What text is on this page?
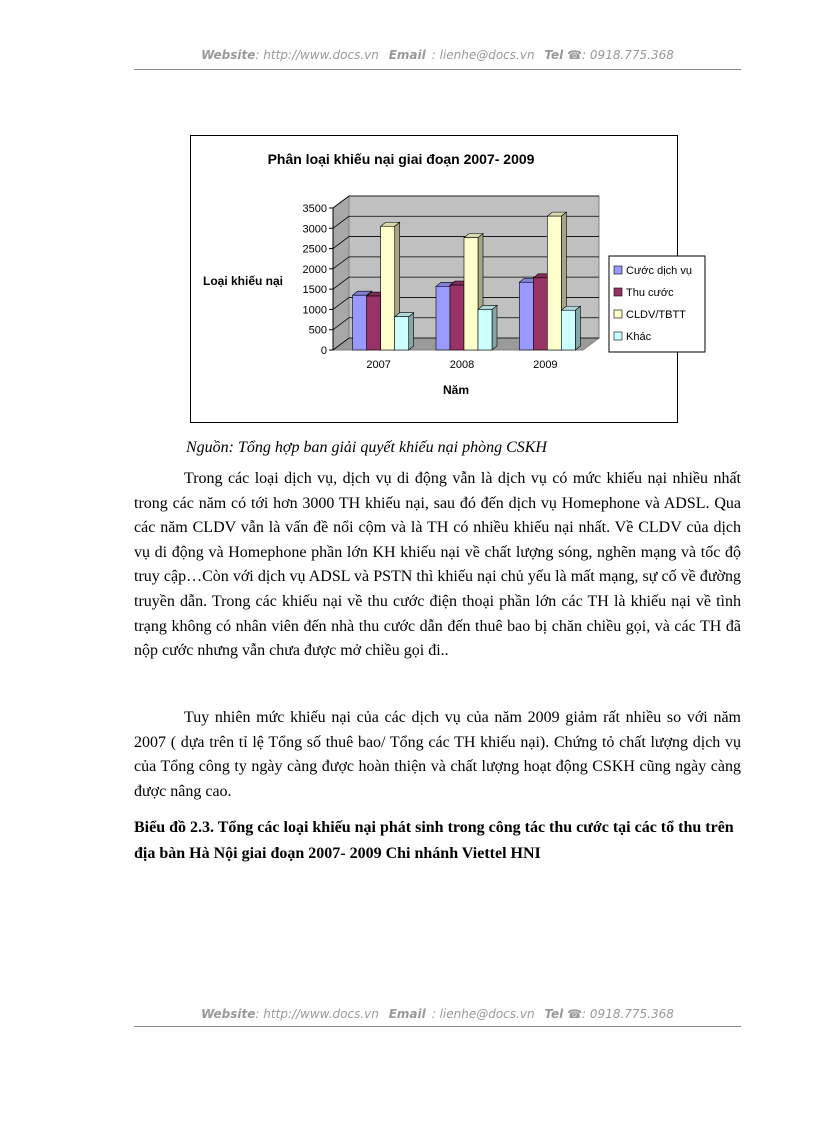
Website: http://www.docs.vn Email : lienhe@docs.vn Tel ☎: 0918.775.368
Phân loại khiếu nại giai đoạn 2007- 2009
Loại khiếu nại
Năm
0
500
1000
1500
2000
2500
3000
3500
2007	2008	2009
Cước dịch vụ
Thu cước
CLDV/TBTT
Khác
Nguồn: Tổng hợp ban giải quyết khiếu nại phòng CSKH

Trong các loại dịch vụ, dịch vụ di động vẫn là dịch vụ có mức khiếu nại nhiều nhất trong các năm có tới hơn 3000 TH khiếu nại, sau đó đến dịch vụ Homephone và ADSL. Qua các năm CLDV vẫn là vấn đề nổi cộm và là TH có nhiều khiếu nại nhất. Về CLDV của dịch vụ di động và Homephone phần lớn KH khiếu nại về chất lượng sóng, nghẽn mạng và tốc độ truy cập…Còn với dịch vụ ADSL và PSTN thì khiếu nại chủ yếu là mất mạng, sự cố về đường truyền dẫn. Trong các khiếu nại về thu cước điện thoại phần lớn các TH là khiếu nại về tình trạng không có nhân viên đến nhà thu cước dẫn đến thuê bao bị chăn chiều gọi, và các TH đã nộp cước nhưng vẫn chưa được mở chiều gọi đi..

Tuy nhiên mức khiếu nại của các dịch vụ của năm 2009 giảm rất nhiều so với năm 2007 ( dựa trên tỉ lệ Tổng số thuê bao/ Tổng các TH khiếu nại). Chứng tỏ chất lượng dịch vụ của Tổng công ty ngày càng được hoàn thiện và chất lượng hoạt động CSKH cũng ngày càng được nâng cao.

Biểu đồ 2.3. Tổng các loại khiếu nại phát sinh trong công tác thu cước tại các tổ thu trên địa bàn Hà Nội giai đoạn 2007- 2009 Chi nhánh Viettel HNI

Website: http://www.docs.vn Email : lienhe@docs.vn Tel ☎: 0918.775.368
